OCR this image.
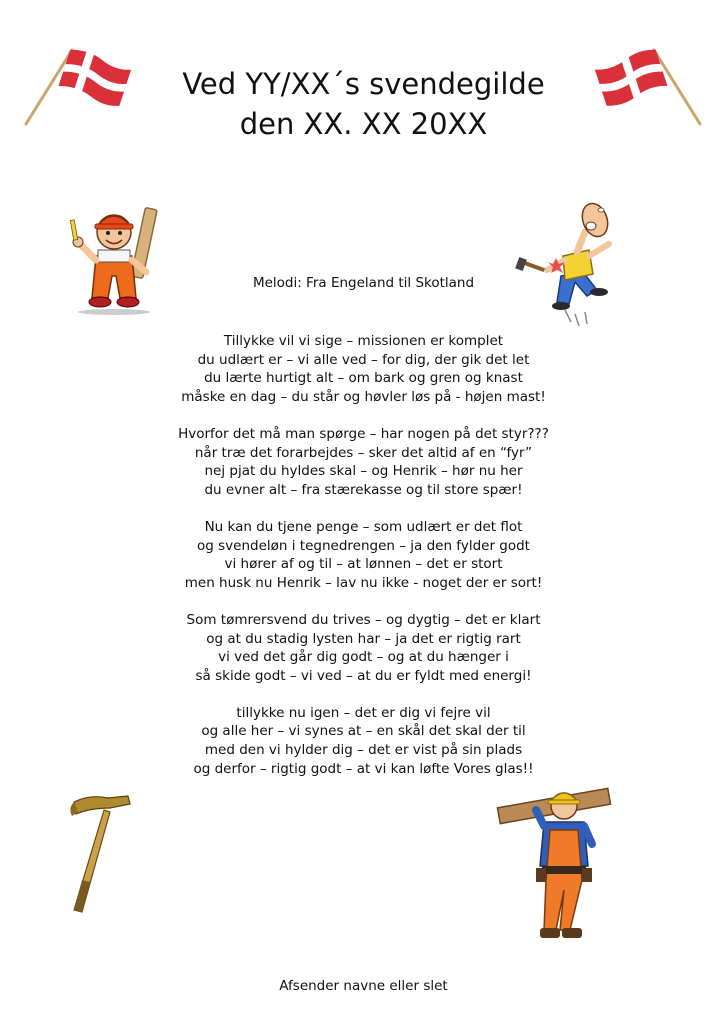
Ved YY/XX´s svendegilde
den XX. XX 20XX
Melodi: Fra Engeland til Skotland
Tillykke vil vi sige – missionen er komplet
du udlært er – vi alle ved – for dig, der gik det let
du lærte hurtigt alt – om bark og gren og knast
måske en dag – du står og høvler løs på - højen mast!
Hvorfor det må man spørge – har nogen på det styr???
når træ det forarbejdes – sker det altid af en “fyr”
nej pjat du hyldes skal – og Henrik – hør nu her
du evner alt – fra stærekasse og til store spær!
Nu kan du tjene penge – som udlært er det flot
og svendeløn i tegnedrengen – ja den fylder godt
vi hører af og til – at lønnen – det er stort
men husk nu Henrik – lav nu ikke - noget der er sort!
Som tømrersvend du trives – og dygtig – det er klart
og at du stadig lysten har – ja det er rigtig rart
vi ved det går dig godt – og at du hænger i
så skide godt – vi ved – at du er fyldt med energi!
tillykke nu igen – det er dig vi fejre vil
og alle her – vi synes at – en skål det skal der til
med den vi hylder dig – det er vist på sin plads
og derfor – rigtig godt – at vi kan løfte Vores glas!!
Afsender navne eller slet
